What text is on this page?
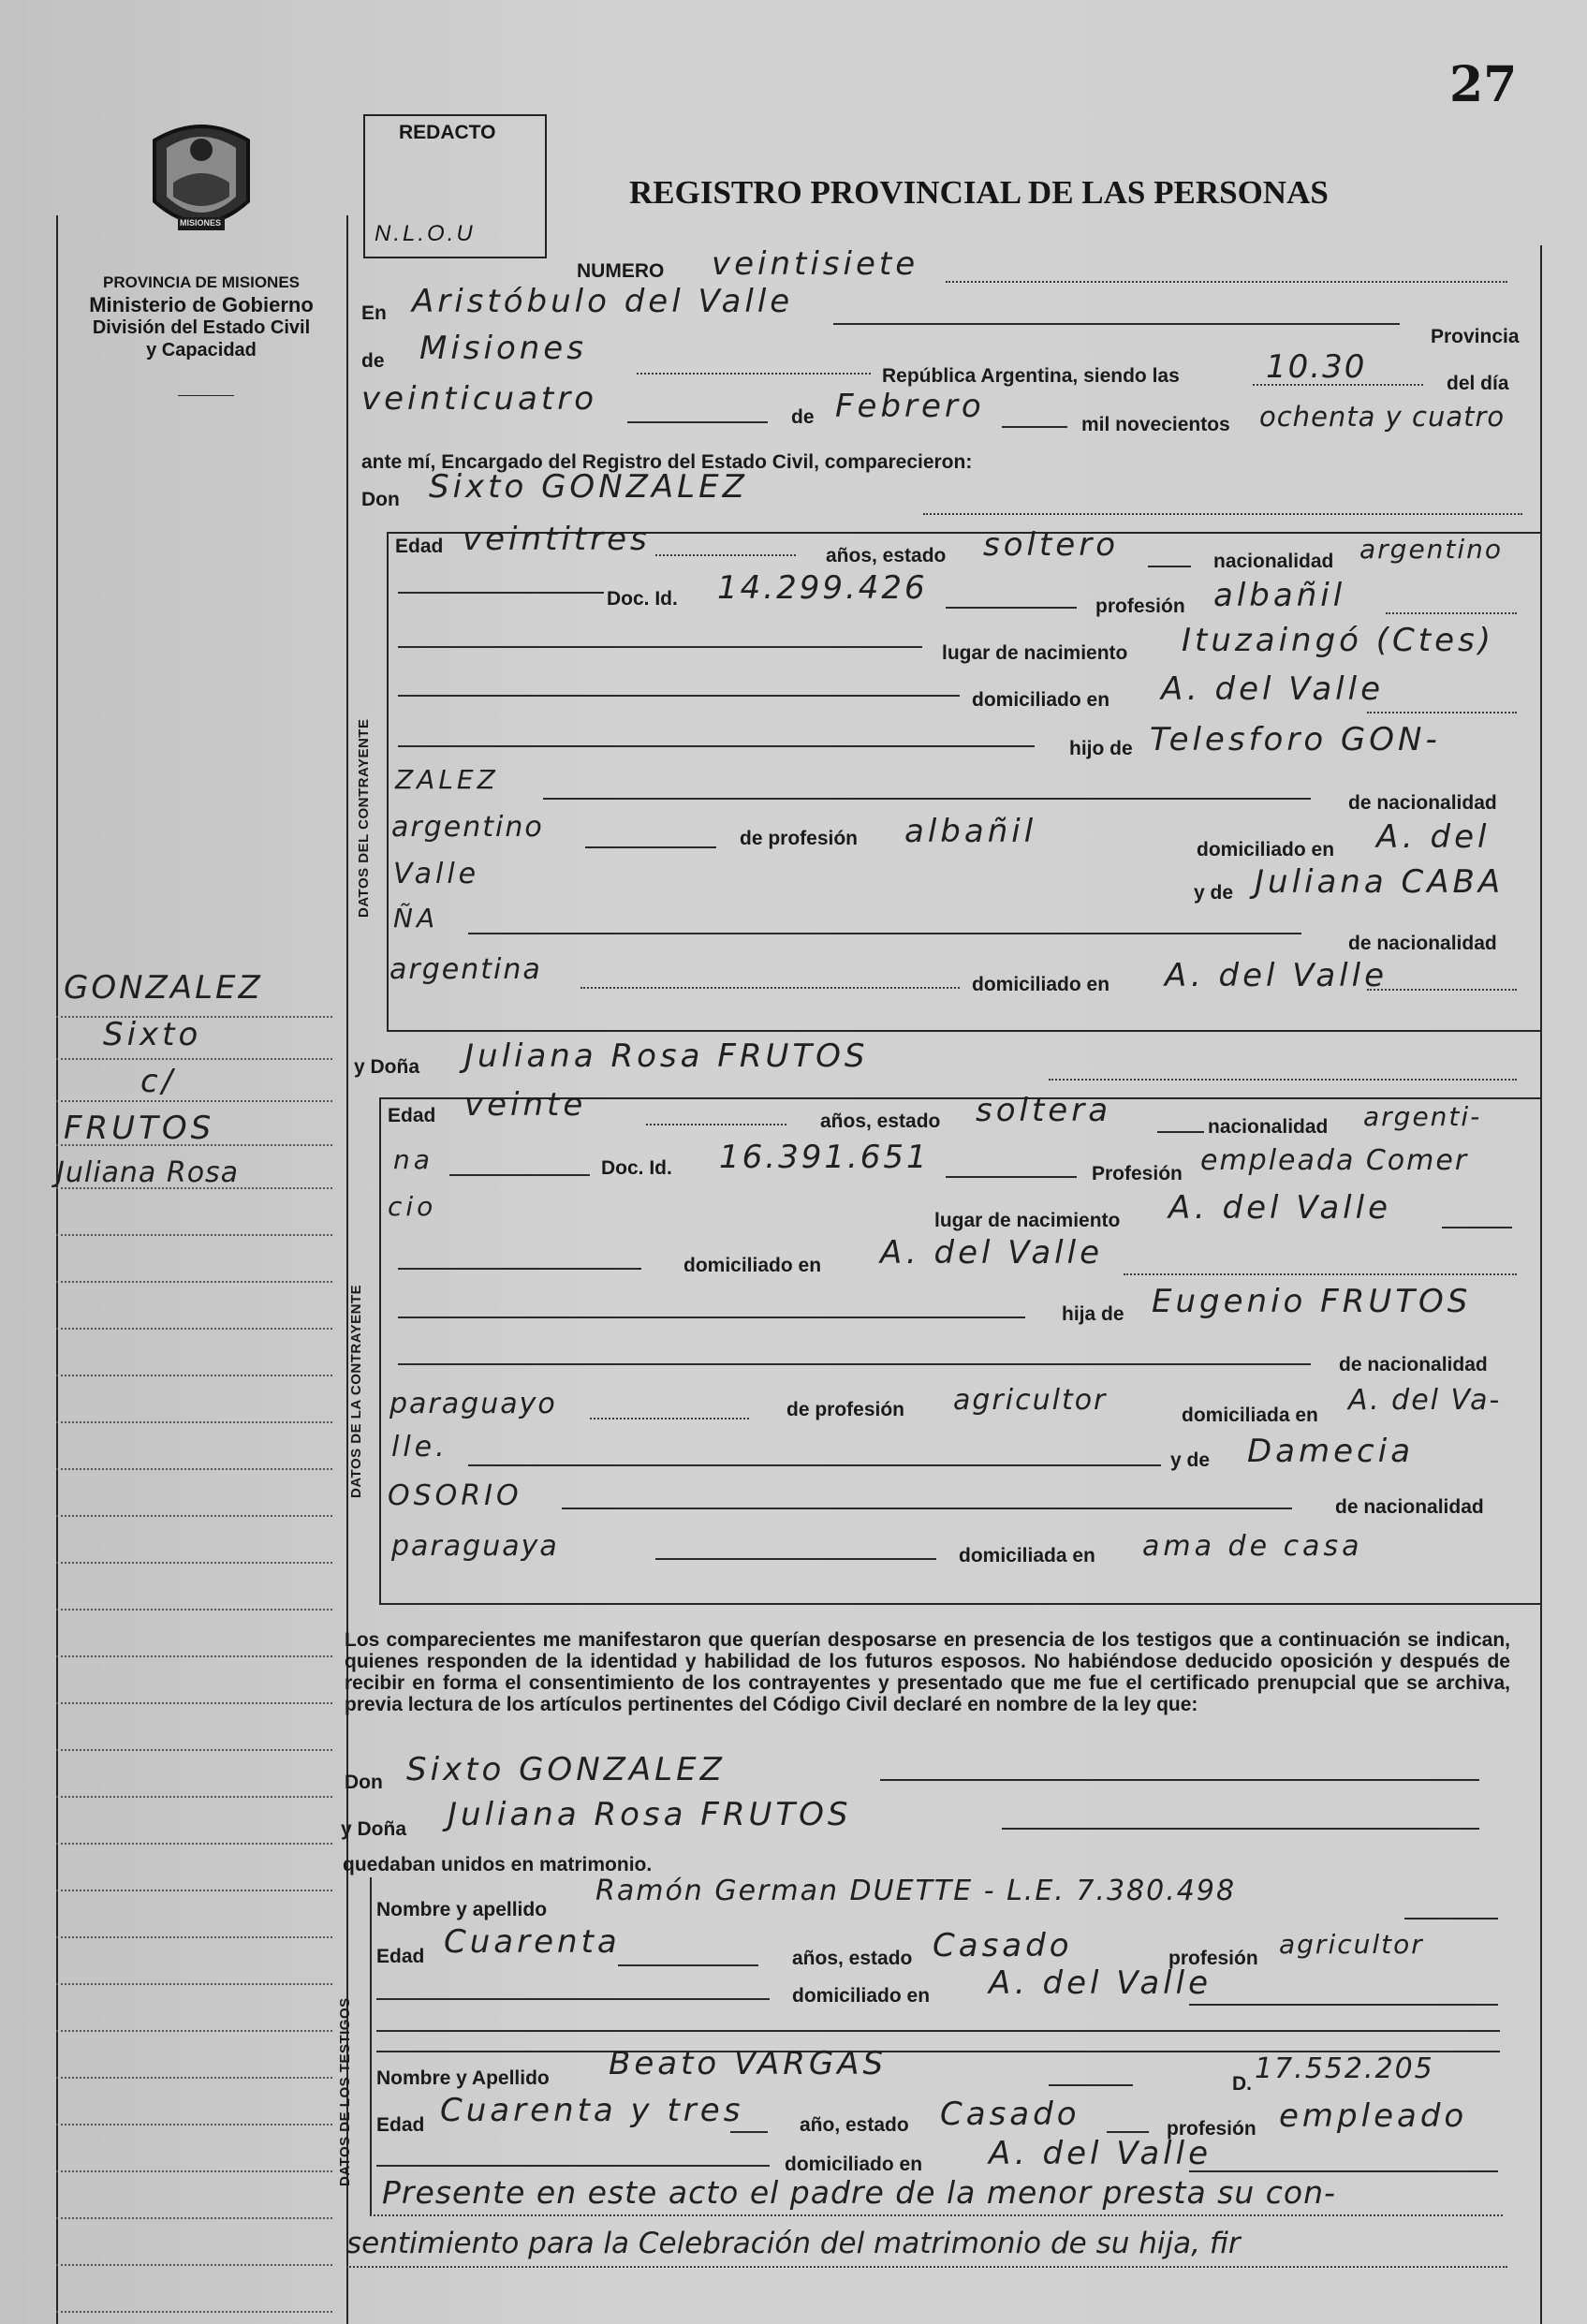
27
MISIONES
PROVINCIA DE MISIONES
Ministerio de Gobierno
División del Estado Civil
y Capacidad
GONZALEZ
Sixto
c/
FRUTOS
Juliana Rosa
REDACTO
N.L.O.U
REGISTRO PROVINCIAL DE LAS PERSONAS
NUMERO veintisiete
En Aristóbulo del Valle
Provincia
de Misiones
República Argentina, siendo las	10.30	del día
veinticuatro	de Febrero	mil novecientos ochenta y cuatro
ante mí, Encargado del Registro del Estado Civil, comparecieron:
Don Sixto GONZALEZ
DATOS DEL CONTRAYENTE
Edad veintitres	años, estado soltero	nacionalidad argentino
Doc. Id. 14.299.426	profesión albañil
lugar de nacimiento Ituzaingó (Ctes)
domiciliado en A. del Valle
hijo de Telesforo GON-
ZALEZ
de nacionalidad
argentino	de profesión albañil	domiciliado en A. del
Valle
y de Juliana CABA
ÑA
de nacionalidad
argentina	domiciliado en A. del Valle
y Doña Juliana Rosa FRUTOS
DATOS DE LA CONTRAYENTE
Edad veinte	años, estado soltera	nacionalidad argenti-
na	Doc. Id. 16.391.651	Profesión empleada Comer
cio	lugar de nacimiento A. del Valle
domiciliado en A. del Valle
hija de Eugenio FRUTOS
de nacionalidad
paraguayo	de profesión agricultor	domiciliada en A. del Va-
lle.	y de Damecia
OSORIO	de nacionalidad
paraguaya	domiciliada en ama de casa
Los comparecientes me manifestaron que querían desposarse en presencia de los testigos que a continuación se indican, quienes responden de la identidad y habilidad de los futuros esposos. No habiéndose deducido oposición y después de recibir en forma el consentimiento de los contrayentes y presentado que me fue el certificado prenupcial que se archiva, previa lectura de los artículos pertinentes del Código Civil declaré en nombre de la ley que:
Don Sixto GONZALEZ
y Doña Juliana Rosa FRUTOS
quedaban unidos en matrimonio.
DATOS DE LOS TESTIGOS
Nombre y apellido
Ramón German DUETTE - L.E. 7.380.498
Edad Cuarenta	años, estado Casado	profesión agricultor
domiciliado en A. del Valle
Nombre y Apellido Beato VARGAS
D. 17.552.205
Edad Cuarenta y tres	año, estado Casado	profesión empleado
domiciliado en A. del Valle
Presente en este acto el padre de la menor presta su con-
sentimiento para la Celebración del matrimonio de su hija, fir
